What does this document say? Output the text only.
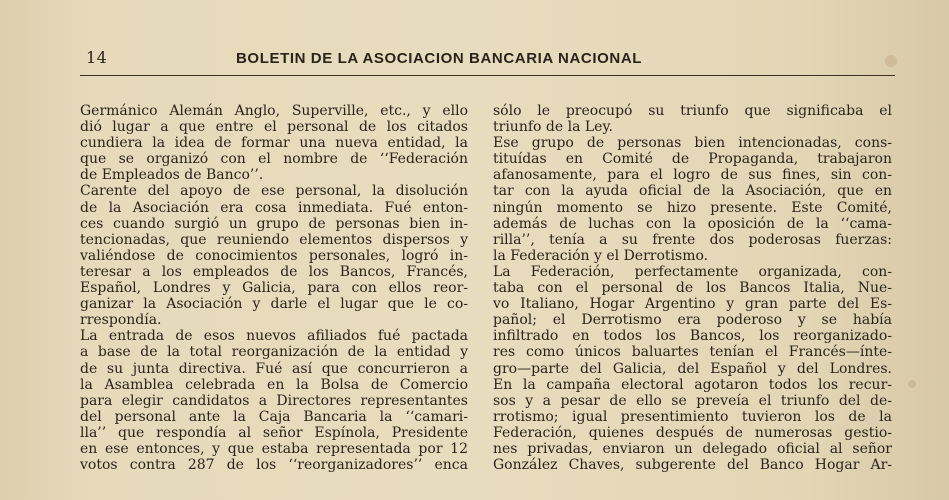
14	BOLETIN DE LA ASOCIACION BANCARIA NACIONAL
Germánico Alemán Anglo, Superville, etc., y ello
dió lugar a que entre el personal de los citados
cundiera la idea de formar una nueva entidad, la
que se organizó con el nombre de ‘‘Federación
de Empleados de Banco’’.
Carente del apoyo de ese personal, la disolución
de la Asociación era cosa inmediata. Fué enton-
ces cuando surgió un grupo de personas bien in-
tencionadas, que reuniendo elementos dispersos y
valiéndose de conocimientos personales, logró in-
teresar a los empleados de los Bancos, Francés,
Español, Londres y Galicia, para con ellos reor-
ganizar la Asociación y darle el lugar que le co-
rrespondía.
La entrada de esos nuevos afiliados fué pactada
a base de la total reorganización de la entidad y
de su junta directiva. Fué así que concurrieron a
la Asamblea celebrada en la Bolsa de Comercio
para elegir candidatos a Directores representantes
del personal ante la Caja Bancaria la ‘‘camari-
lla’’ que respondía al señor Espínola, Presidente
en ese entonces, y que estaba representada por 12
votos contra 287 de los ‘‘reorganizadores’’ enca
sólo le preocupó su triunfo que significaba el
triunfo de la Ley.
Ese grupo de personas bien intencionadas, cons-
tituídas en Comité de Propaganda, trabajaron
afanosamente, para el logro de sus fines, sin con-
tar con la ayuda oficial de la Asociación, que en
ningún momento se hizo presente. Este Comité,
además de luchas con la oposición de la ‘‘cama-
rilla’’, tenía a su frente dos poderosas fuerzas:
la Federación y el Derrotismo.
La Federación, perfectamente organizada, con-
taba con el personal de los Bancos Italia, Nue-
vo Italiano, Hogar Argentino y gran parte del Es-
pañol; el Derrotismo era poderoso y se había
infiltrado en todos los Bancos, los reorganizado-
res como únicos baluartes tenían el Francés—ínte-
gro—parte del Galicia, del Español y del Londres.
En la campaña electoral agotaron todos los recur-
sos y a pesar de ello se preveía el triunfo del de-
rrotismo; igual presentimiento tuvieron los de la
Federación, quienes después de numerosas gestio-
nes privadas, enviaron un delegado oficial al señor
González Chaves, subgerente del Banco Hogar Ar-
